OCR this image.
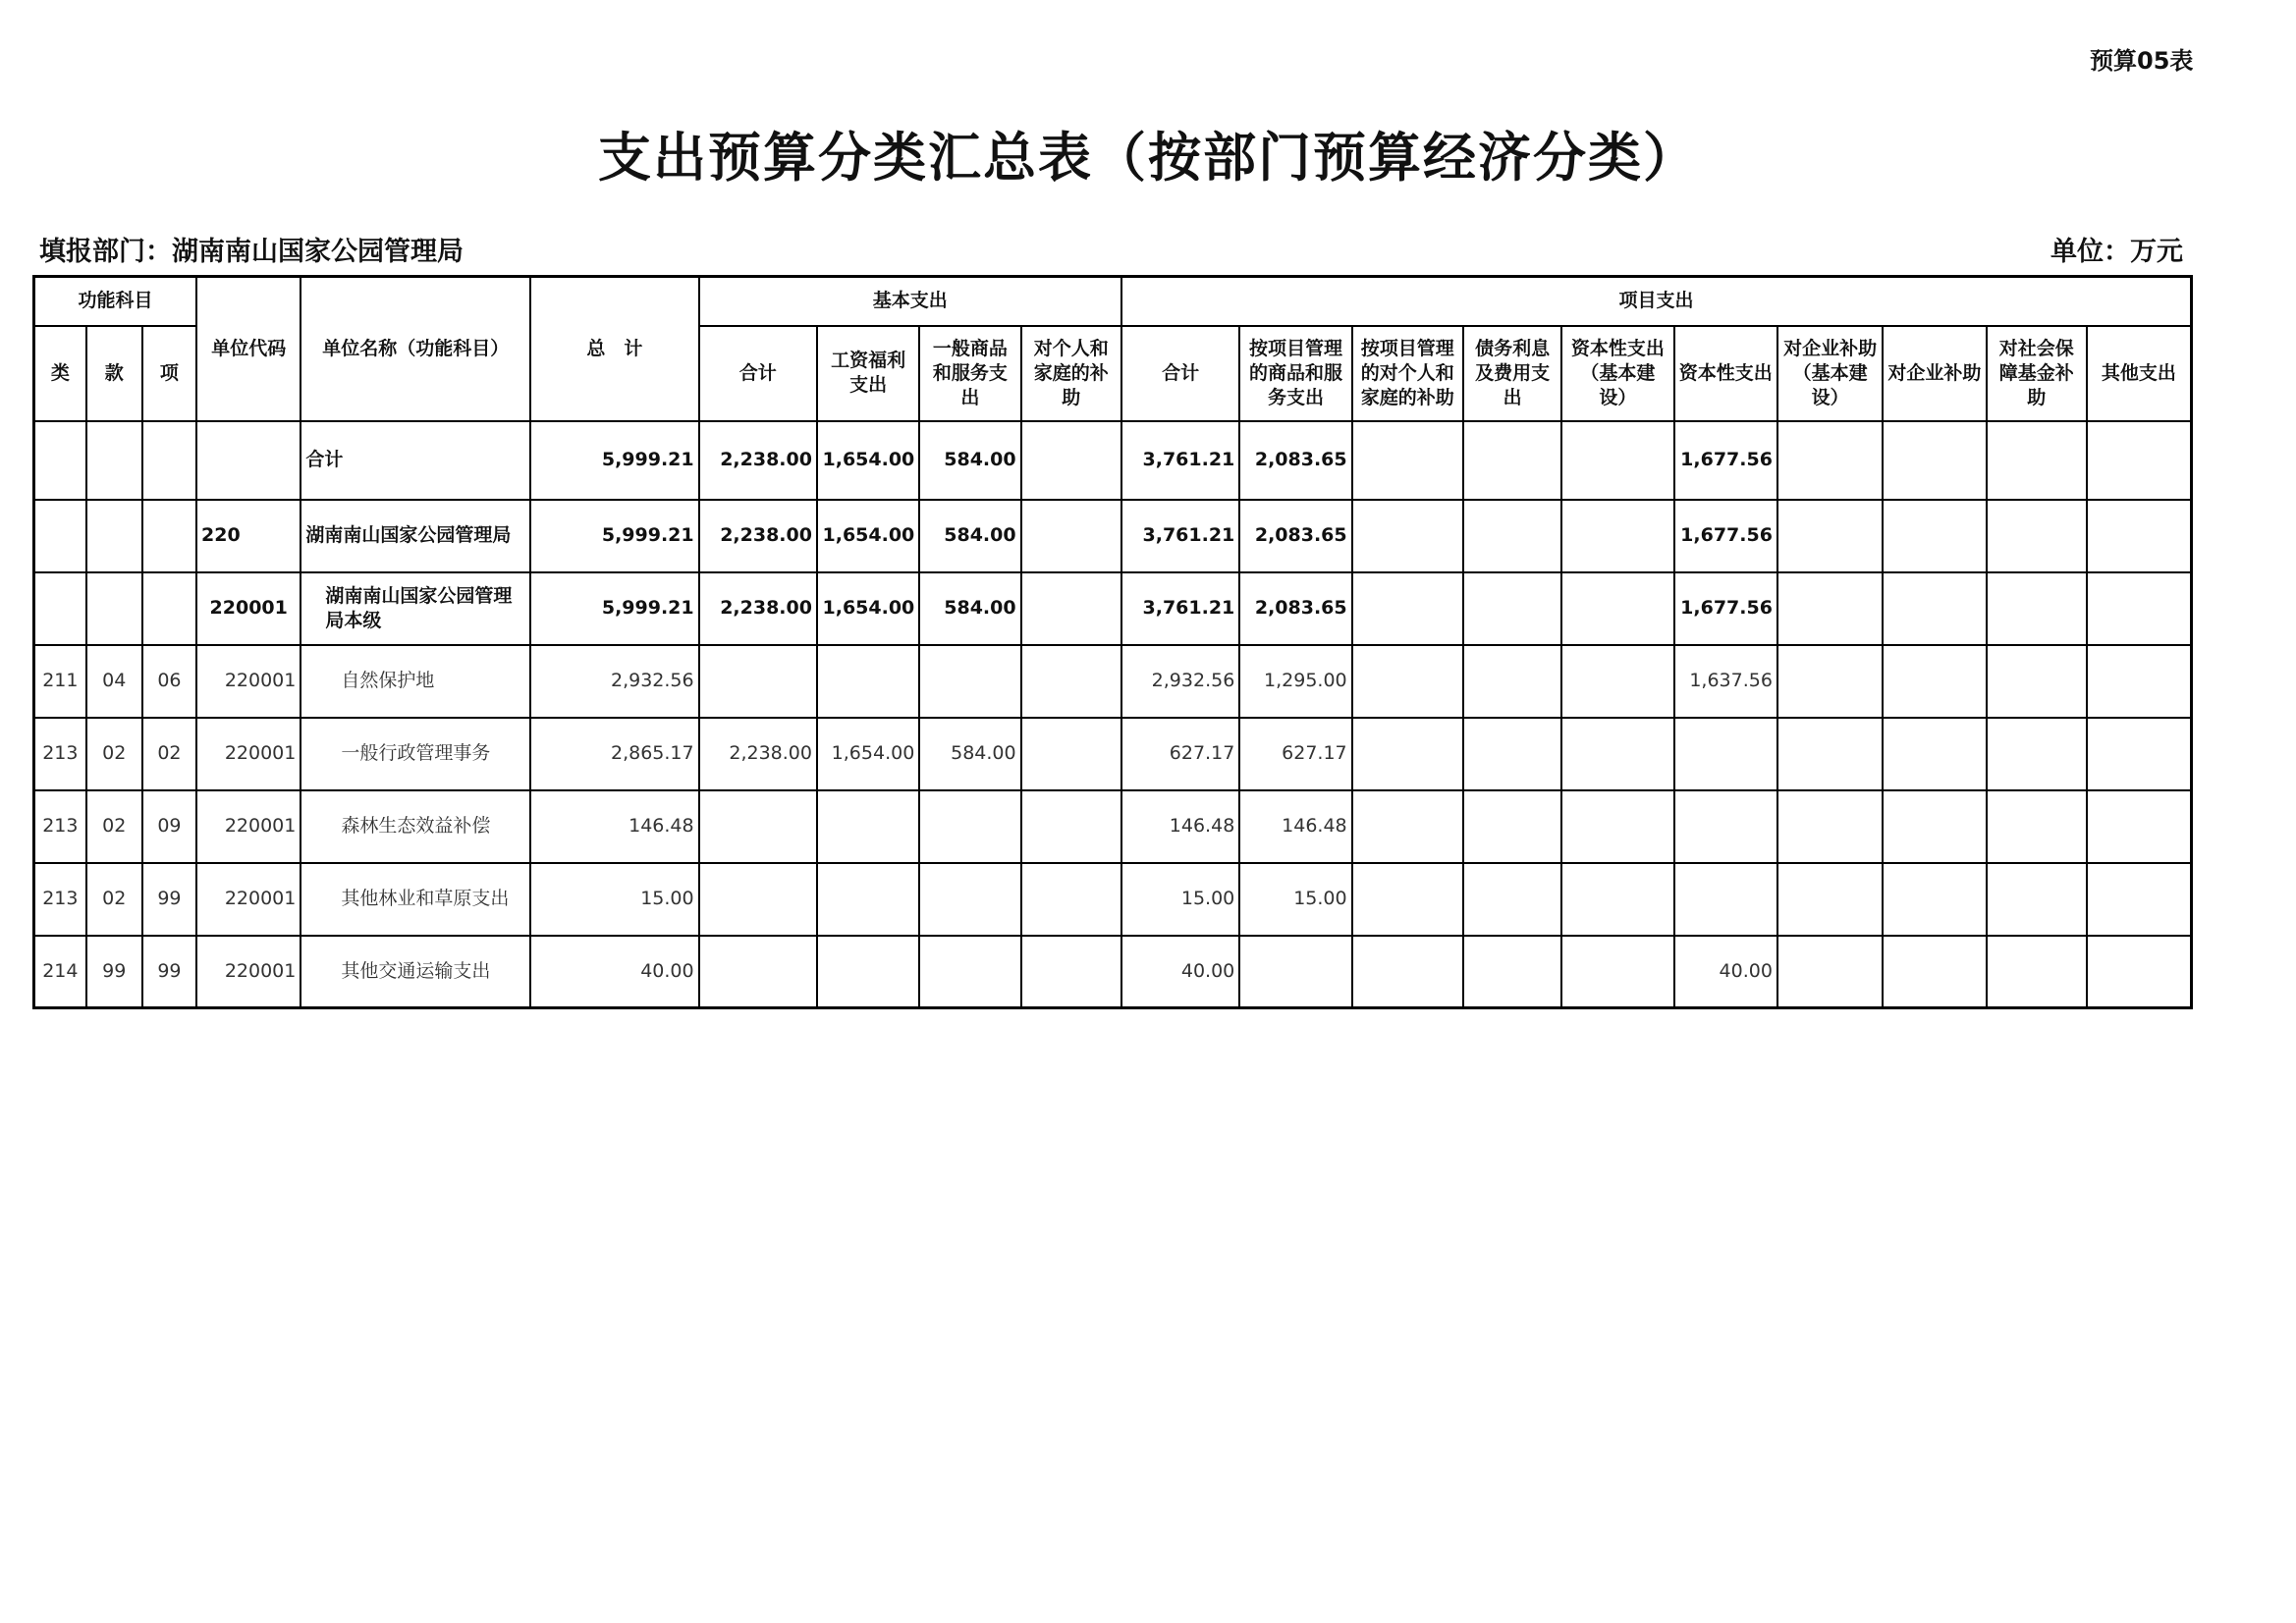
预算05表
支出预算分类汇总表（按部门预算经济分类）
填报部门：湖南南山国家公园管理局	单位：万元
功能科目			单位代码	单位名称（功能科目）	总　计	基本支出				项目支出									
类	款	项				合计	工资福利支出	一般商品和服务支出	对个人和家庭的补助	合计	按项目管理的商品和服务支出	按项目管理的对个人和家庭的补助	债务利息及费用支出	资本性支出（基本建设）	资本性支出	对企业补助（基本建设）	对企业补助	对社会保障基金补助	其他支出
				合计	5,999.21	2,238.00	1,654.00	584.00		3,761.21	2,083.65				1,677.56				
			220	湖南南山国家公园管理局	5,999.21	2,238.00	1,654.00	584.00		3,761.21	2,083.65				1,677.56				
			220001	湖南南山国家公园管理局本级	5,999.21	2,238.00	1,654.00	584.00		3,761.21	2,083.65				1,677.56				
211	04	06	220001	自然保护地	2,932.56					2,932.56	1,295.00				1,637.56				
213	02	02	220001	一般行政管理事务	2,865.17	2,238.00	1,654.00	584.00		627.17	627.17								
213	02	09	220001	森林生态效益补偿	146.48					146.48	146.48								
213	02	99	220001	其他林业和草原支出	15.00					15.00	15.00								
214	99	99	220001	其他交通运输支出	40.00					40.00					40.00				
